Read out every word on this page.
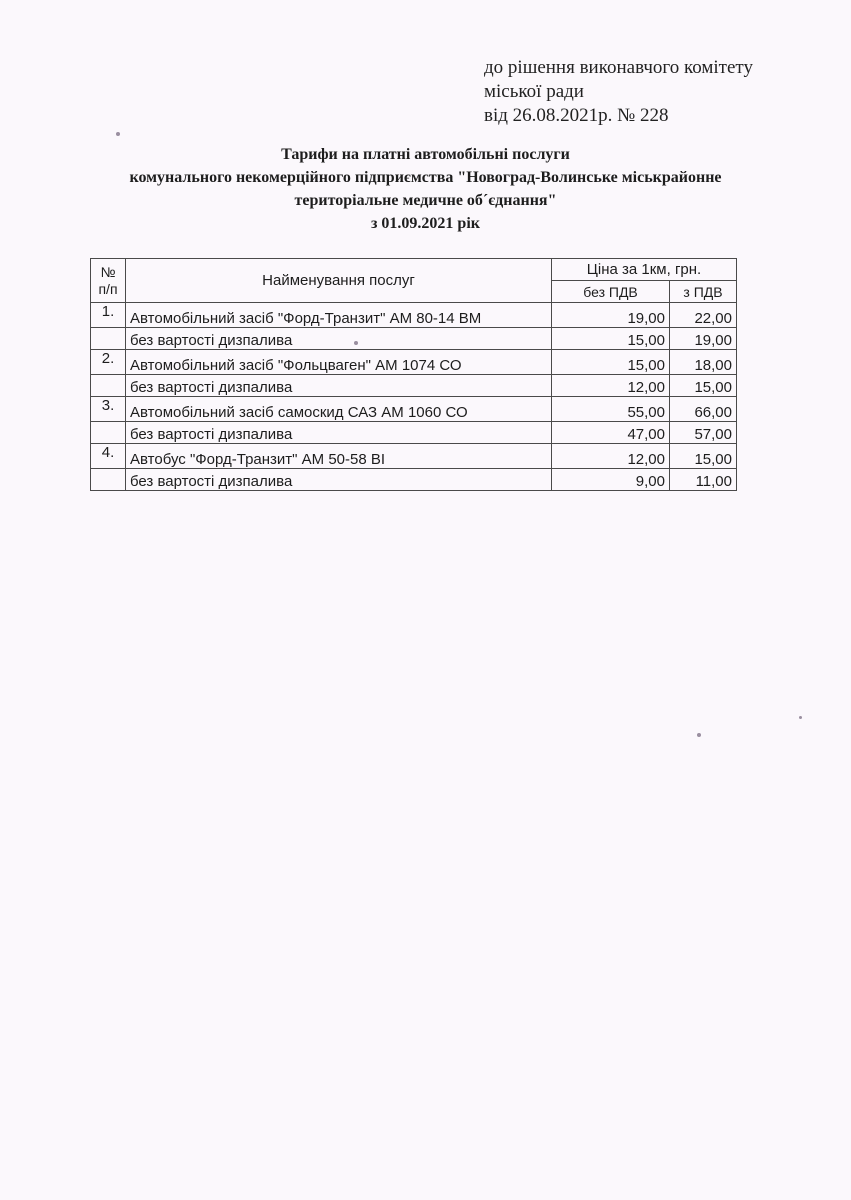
до рішення виконавчого комітету
міської ради
від 26.08.2021р. № 228
Тарифи на платні автомобільні послуги
комунального некомерційного підприємства "Новоград-Волинське міськрайонне
територіальне медичне об´єднання"
з 01.09.2021 рік
№
п/п	Найменування послуг	Ціна за 1км, грн.	
		без ПДВ	з ПДВ
1.	Автомобільний засіб "Форд-Транзит" АМ 80-14 ВМ	19,00	22,00
	без вартості дизпалива	15,00	19,00
2.	Автомобільний засіб "Фольцваген" АМ 1074 СО	15,00	18,00
	без вартості дизпалива	12,00	15,00
3.	Автомобільний засіб самоскид САЗ АМ 1060 СО	55,00	66,00
	без вартості дизпалива	47,00	57,00
4.	Автобус "Форд-Транзит" АМ 50-58 ВІ	12,00	15,00
	без вартості дизпалива	9,00	11,00
